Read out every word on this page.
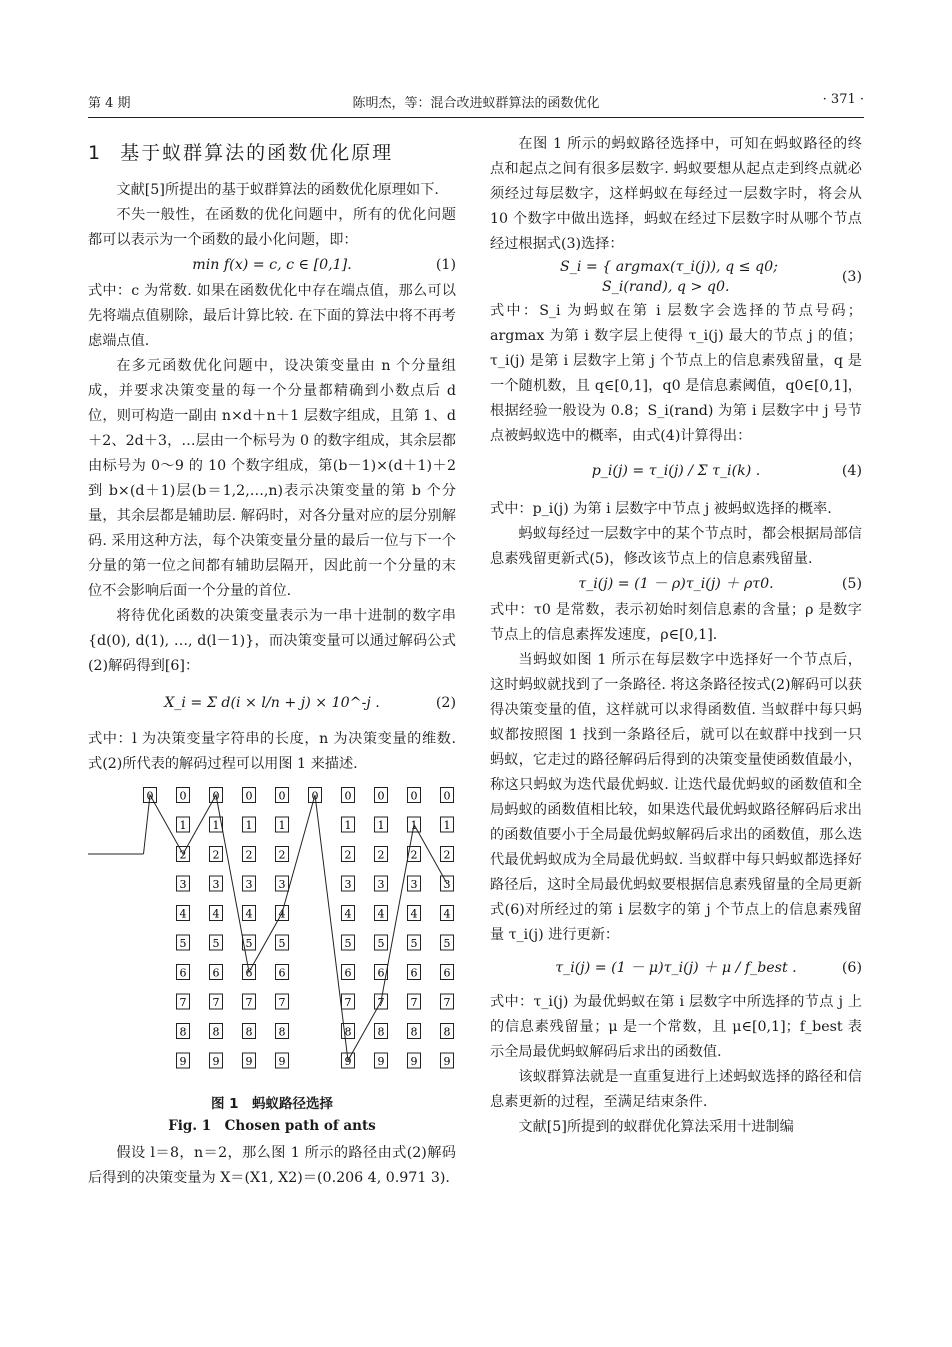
第 4 期	陈明杰，等：混合改进蚁群算法的函数优化	· 371 ·

1 基于蚁群算法的函数优化原理

文献[5]所提出的基于蚁群算法的函数优化原理如下.

不失一般性，在函数的优化问题中，所有的优化问题都可以表示为一个函数的最小化问题，即：

min f(x) = c, c ∈ [0,1].	(1)

式中：c 为常数. 如果在函数优化中存在端点值，那么可以先将端点值剔除，最后计算比较. 在下面的算法中将不再考虑端点值.

在多元函数优化问题中，设决策变量由 n 个分量组成，并要求决策变量的每一个分量都精确到小数点后 d 位，则可构造一副由 n×d＋n＋1 层数字组成，且第 1、d＋2、2d＋3，…层由一个标号为 0 的数字组成，其余层都由标号为 0～9 的 10 个数字组成，第(b－1)×(d＋1)＋2 到 b×(d＋1)层(b＝1,2,…,n)表示决策变量的第 b 个分量，其余层都是辅助层. 解码时，对各分量对应的层分别解码. 采用这种方法，每个决策变量分量的最后一位与下一个分量的第一位之间都有辅助层隔开，因此前一个分量的末位不会影响后面一个分量的首位.

将待优化函数的决策变量表示为一串十进制的数字串{d(0), d(1), …, d(l－1)}，而决策变量可以通过解码公式(2)解码得到[6]：

X_i = Σ d(i × l/n + j) × 10^-j .	(2)

式中：l 为决策变量字符串的长度，n 为决策变量的维数. 式(2)所代表的解码过程可以用图 1 来描述.

0 0
1
2
3
4
5
6
7
8
9
0
1
2
3
4
5
6
7
8
9
0
1
2
3
4
5
6
7
8
9
0
1
2
3
4
5
6
7
8
9
0 0
1
2
3
4
5
6
7
8
9
0
1
2
3
4
5
6
7
8
9
0
1
2
3
4
5
6
7
8
9
0
1
2
3
4
5
6
7
8
9

图 1　蚂蚁路径选择

Fig. 1　Chosen path of ants

假设 l＝8，n＝2，那么图 1 所示的路径由式(2)解码后得到的决策变量为 X＝(X1, X2)＝(0.206 4, 0.971 3).

在图 1 所示的蚂蚁路径选择中，可知在蚂蚁路径的终点和起点之间有很多层数字. 蚂蚁要想从起点走到终点就必须经过每层数字，这样蚂蚁在每经过一层数字时，将会从 10 个数字中做出选择，蚂蚁在经过下层数字时从哪个节点经过根据式(3)选择：

S_i = { argmax(τ_i(j)), q ≤ q0;
S_i(rand), q > q0.
(3)

式中：S_i 为蚂蚁在第 i 层数字会选择的节点号码；argmax 为第 i 数字层上使得 τ_i(j) 最大的节点 j 的值；τ_i(j) 是第 i 层数字上第 j 个节点上的信息素残留量，q 是一个随机数，且 q∈[0,1]，q0 是信息素阈值，q0∈[0,1]，根据经验一般设为 0.8；S_i(rand) 为第 i 层数字中 j 号节点被蚂蚁选中的概率，由式(4)计算得出：

p_i(j) = τ_i(j) / Σ τ_i(k) .	(4)

式中：p_i(j) 为第 i 层数字中节点 j 被蚂蚁选择的概率.

蚂蚁每经过一层数字中的某个节点时，都会根据局部信息素残留更新式(5)，修改该节点上的信息素残留量.

τ_i(j) = (1 － ρ)τ_i(j) ＋ ρτ0.	(5)

式中：τ0 是常数，表示初始时刻信息素的含量；ρ 是数字节点上的信息素挥发速度，ρ∈[0,1].

当蚂蚁如图 1 所示在每层数字中选择好一个节点后，这时蚂蚁就找到了一条路径. 将这条路径按式(2)解码可以获得决策变量的值，这样就可以求得函数值. 当蚁群中每只蚂蚁都按照图 1 找到一条路径后，就可以在蚁群中找到一只蚂蚁，它走过的路径解码后得到的决策变量使函数值最小，称这只蚂蚁为迭代最优蚂蚁. 让迭代最优蚂蚁的函数值和全局蚂蚁的函数值相比较，如果迭代最优蚂蚁路径解码后求出的函数值要小于全局最优蚂蚁解码后求出的函数值，那么迭代最优蚂蚁成为全局最优蚂蚁. 当蚁群中每只蚂蚁都选择好路径后，这时全局最优蚂蚁要根据信息素残留量的全局更新式(6)对所经过的第 i 层数字的第 j 个节点上的信息素残留量 τ_i(j) 进行更新：

τ_i(j) = (1 － μ)τ_i(j) ＋ μ / f_best .	(6)

式中：τ_i(j) 为最优蚂蚁在第 i 层数字中所选择的节点 j 上的信息素残留量；μ 是一个常数，且 μ∈[0,1]；f_best 表示全局最优蚂蚁解码后求出的函数值.

该蚁群算法就是一直重复进行上述蚂蚁选择的路径和信息素更新的过程，至满足结束条件.

文献[5]所提到的蚁群优化算法采用十进制编
